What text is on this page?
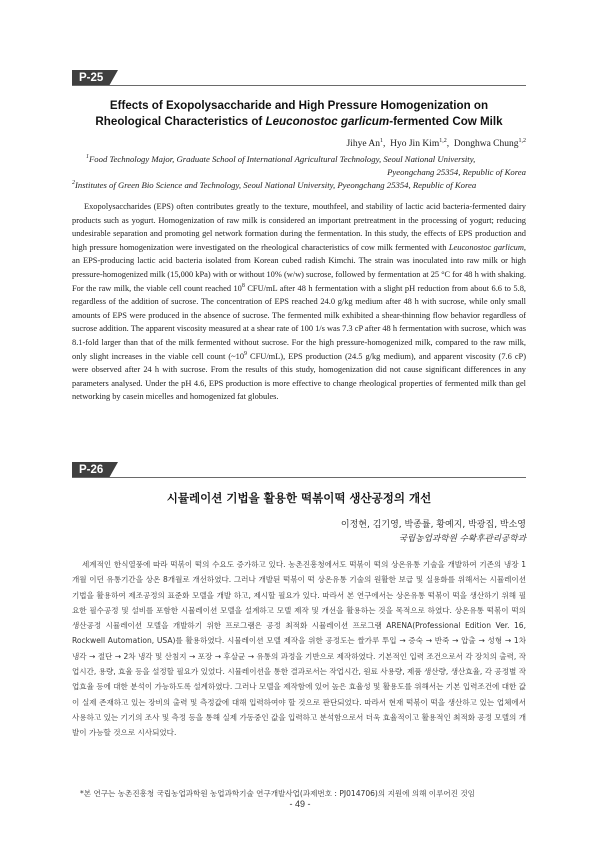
P-25
Effects of Exopolysaccharide and High Pressure Homogenization on
Rheological Characteristics of Leuconostoc garlicum-fermented Cow Milk
Jihye An$^1$,  Hyo Jin Kim$^{1,2}$,  Donghwa Chung$^{1,2}$
$^1$Food Technology Major, Graduate School of International Agricultural Technology, Seoul National University,
Pyeongchang 25354, Republic of Korea
$^2$Institutes of Green Bio Science and Technology, Seoul National University, Pyeongchang 25354, Republic of Korea

Exopolysaccharides (EPS) often contributes greatly to the texture, mouthfeel, and stability of lactic acid bacteria-fermented dairy products such as yogurt. Homogenization of raw milk is considered an important pretreatment in the processing of yogurt; reducing undesirable separation and promoting gel network formation during the fermentation. In this study, the effects of EPS production and high pressure homogenization were investigated on the rheological characteristics of cow milk fermented with Leuconostoc garlicum, an EPS-producing lactic acid bacteria isolated from Korean cubed radish Kimchi. The strain was inoculated into raw milk or high pressure-homogenized milk (15,000 kPa) with or without 10% (w/w) sucrose, followed by fermentation at 25 °C for 48 h with shaking. For the raw milk, the viable cell count reached $10^8$ CFU/mL after 48 h fermentation with a slight pH reduction from about 6.6 to 5.8, regardless of the addition of sucrose. The concentration of EPS reached 24.0 g/kg medium after 48 h with sucrose, while only small amounts of EPS were produced in the absence of sucrose. The fermented milk exhibited a shear-thinning flow behavior regardless of sucrose addition. The apparent viscosity measured at a shear rate of 100 1/s was 7.3 cP after 48 h fermentation with sucrose, which was 8.1-fold larger than that of the milk fermented without sucrose. For the high pressure-homogenized milk, compared to the raw milk, only slight increases in the viable cell count ($\sim 10^9$ CFU/mL), EPS production (24.5 g/kg medium), and apparent viscosity (7.6 cP) were observed after 24 h with sucrose. From the results of this study, homogenization did not cause significant differences in any parameters analysed. Under the pH 4.6, EPS production is more effective to change rheological properties of fermented milk than gel networking by casein micelles and homogenized fat globules.

P-26
시뮬레이션 기법을 활용한 떡볶이떡 생산공정의 개선
이정현, 김기영, 박종률, 황예지, 박광집, 박소영
국립농업과학원 수확후관리공학과

세계적인 한식열풍에 따라 떡볶이 떡의 수요도 증가하고 있다. 농촌진흥청에서도 떡볶이 떡의 상온유통 기술을 개발하여 기존의 냉장 1개월 이던 유통기간을 상온 8개월로 개선하였다. 그러나 개발된 떡볶이 떡 상온유통 기술의 원활한 보급 및 실용화를 위해서는 시뮬레이션 기법을 활용하여 제조공정의 표준화 모델을 개발 하고, 제시할 필요가 있다. 따라서 본 연구에서는 상온유통 떡볶이 떡을 생산하기 위해 필요한 필수공정 및 설비를 포함한 시뮬레이션 모델을 설계하고 모델 제작 및 개선을 활용하는 것을 목적으로 하였다. 상온유통 떡볶이 떡의 생산공정 시뮬레이션 모델을 개발하기 위한 프로그램은 공정 최적화 시뮬레이션 프로그램 ARENA(Professional Edition Ver. 16, Rockwell Automation, USA)를 활용하였다. 시뮬레이션 모델 제작을 위한 공정도는 쌀가루 투입 → 증숙 → 반죽 → 압출 → 성형 → 1차 냉각 → 절단 → 2차 냉각 및 산침지 → 포장 → 후살균 → 유통의 과정을 기반으로 제작하였다. 기본적인 입력 조건으로서 각 장치의 출력, 작업시간, 용량, 효율 등을 설정할 필요가 있었다. 시뮬레이션을 통한 결과로서는 작업시간, 원료 사용량, 제품 생산량, 생산효율, 각 공정별 작업효율 등에 대한 분석이 가능하도록 설계하였다. 그러나 모델을 제작함에 있어 높은 효율성 및 활용도를 위해서는 기본 입력조건에 대한 값이 실제 존재하고 있는 장비의 출력 및 측정값에 대해 입력하여야 할 것으로 판단되었다. 따라서 현재 떡볶이 떡을 생산하고 있는 업체에서 사용하고 있는 기기의 조사 및 측정 등을 통해 실제 가동중인 값을 입력하고 분석함으로서 더욱 효율적이고 활용적인 최적화 공정 모델의 개발이 가능할 것으로 시사되었다.

*본 연구는 농촌진흥청 국립농업과학원 농업과학기술 연구개발사업(과제번호 : PJ014706)의 지원에 의해 이루어진 것임

- 49 -
